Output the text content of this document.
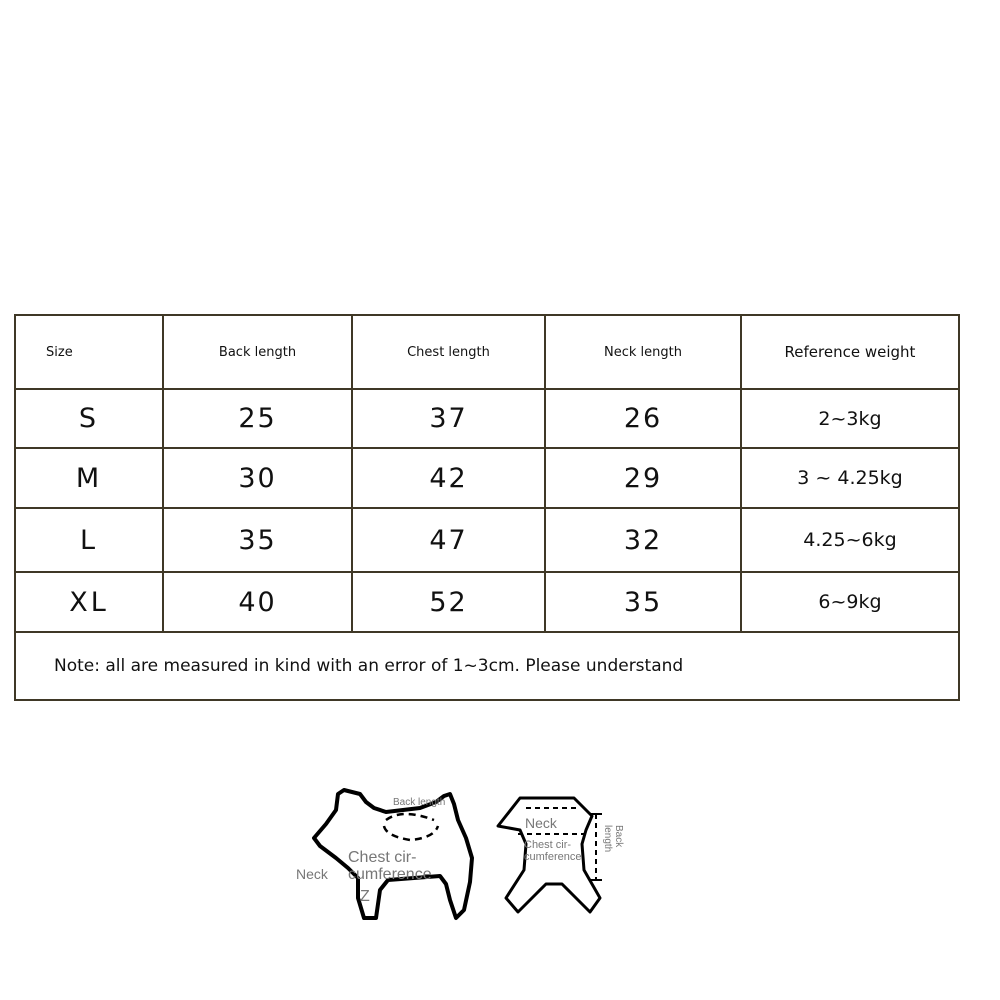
Size	Back length	Chest length	Neck length	Reference weight
S	25	37	26	2~3kg
M	30	42	29	3 ~ 4.25kg
L	35	47	32	4.25~6kg
XL	40	52	35	6~9kg
Note: all are measured in kind with an error of 1~3cm. Please understand				
Back length
Chest cir-
cumference
Neck
Z
Neck
Chest cir-
cumference
Back
length
